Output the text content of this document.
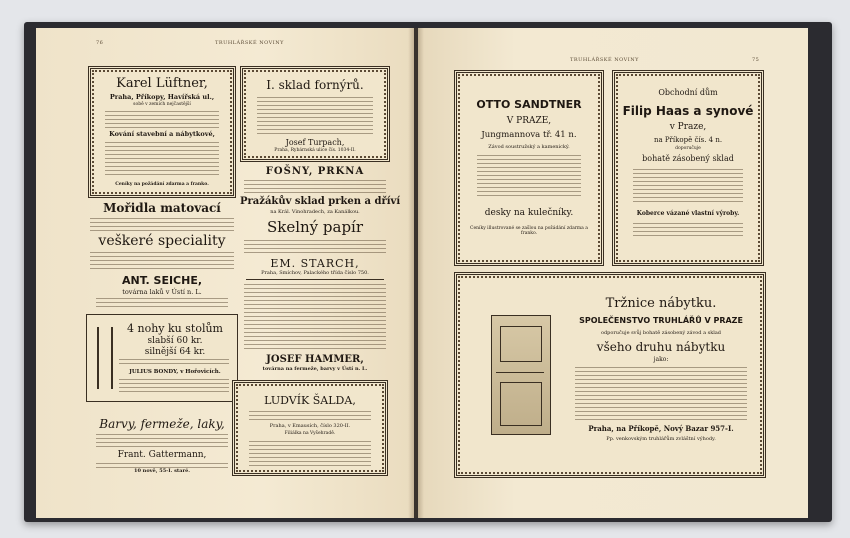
76	TRUHLÁŘSKÉ NOVINY
TRUHLÁŘSKÉ NOVINY	75
Karel Lüftner,
Praha, Příkopy, Havířská ul.,
sobě v zemích nejčastější
Kování stavební a nábytkové,
Ceníky na požádání zdarma a franko.
Mořidla matovací
veškeré speciality
ANT. SEICHE,
továrna laků v Ústí n. L.
4 nohy ku stolům
slabší 60 kr.
silnější 64 kr.
JULIUS BONDY, v Hořovicích.
Barvy, fermeže, laky,
Frant. Gattermann,
10 nově, 55-I. staré.
I. sklad fornýrů.
Josef Turpach,
Praha, Rybárnská ulice čís. 1034-II.
FOŠNY, PRKNA
Pražákův sklad prken a dříví
na Král. Vinohradech, za Kanálkou.
Skelný papír
EM. STARCH,
Praha, Smíchov, Palackého třída číslo 750.
JOSEF HAMMER,
továrna na fermeže, barvy v Ústí n. L.
LUDVÍK ŠALDA,
Praha, v Emausích, číslo 320-II.
Filiálka na Vyšehradě.
OTTO SANDTNER
V PRAZE,
Jungmannova tř. 41 n.
Závod soustružský a kamenický.
desky na kulečníky.
Ceníky illustrované se zašlou na požádání zdarma a franko.
Obchodní dům
Filip Haas a synové
v Praze,
na Příkopě čís. 4 n.
doporučuje
bohatě zásobený sklad
Koberce vázané vlastní výroby.
Tržnice nábytku.
SPOLEČENSTVO TRUHLÁŘŮ V PRAZE
odporučuje svůj bohatě zásobený závod a sklad
všeho druhu nábytku
jako:
Praha, na Příkopě, Nový Bazar 957-I.
Pp. venkovským truhlářům zvláštní výhody.
